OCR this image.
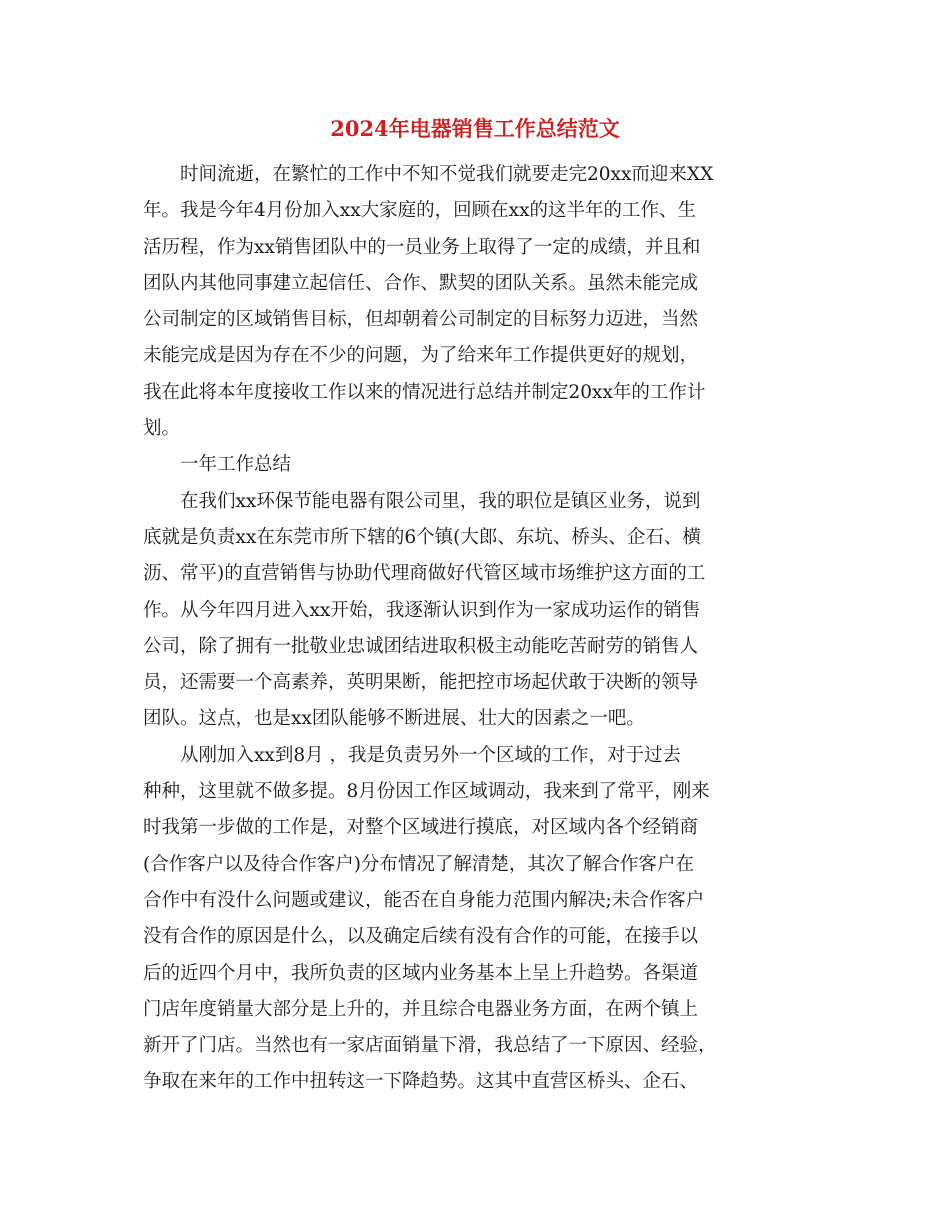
2024年电器销售工作总结范文
时间流逝，在繁忙的工作中不知不觉我们就要走完20xx而迎来XX
年。我是今年4月份加入xx大家庭的，回顾在xx的这半年的工作、生
活历程，作为xx销售团队中的一员业务上取得了一定的成绩，并且和
团队内其他同事建立起信任、合作、默契的团队关系。虽然未能完成
公司制定的区域销售目标，但却朝着公司制定的目标努力迈进，当然
未能完成是因为存在不少的问题，为了给来年工作提供更好的规划，
我在此将本年度接收工作以来的情况进行总结并制定20xx年的工作计
划。
一年工作总结
在我们xx环保节能电器有限公司里，我的职位是镇区业务，说到
底就是负责xx在东莞市所下辖的6个镇(大郎、东坑、桥头、企石、横
沥、常平)的直营销售与协助代理商做好代管区域市场维护这方面的工
作。从今年四月进入xx开始，我逐渐认识到作为一家成功运作的销售
公司，除了拥有一批敬业忠诚团结进取积极主动能吃苦耐劳的销售人
员，还需要一个高素养，英明果断，能把控市场起伏敢于决断的领导
团队。这点，也是xx团队能够不断进展、壮大的因素之一吧。
从刚加入xx到8月 ，我是负责另外一个区域的工作，对于过去
种种，这里就不做多提。8月份因工作区域调动，我来到了常平，刚来
时我第一步做的工作是，对整个区域进行摸底，对区域内各个经销商
(合作客户以及待合作客户)分布情况了解清楚，其次了解合作客户在
合作中有没什么问题或建议，能否在自身能力范围内解决;未合作客户
没有合作的原因是什么，以及确定后续有没有合作的可能，在接手以
后的近四个月中，我所负责的区域内业务基本上呈上升趋势。各渠道
门店年度销量大部分是上升的，并且综合电器业务方面，在两个镇上
新开了门店。当然也有一家店面销量下滑，我总结了一下原因、经验，
争取在来年的工作中扭转这一下降趋势。这其中直营区桥头、企石、
